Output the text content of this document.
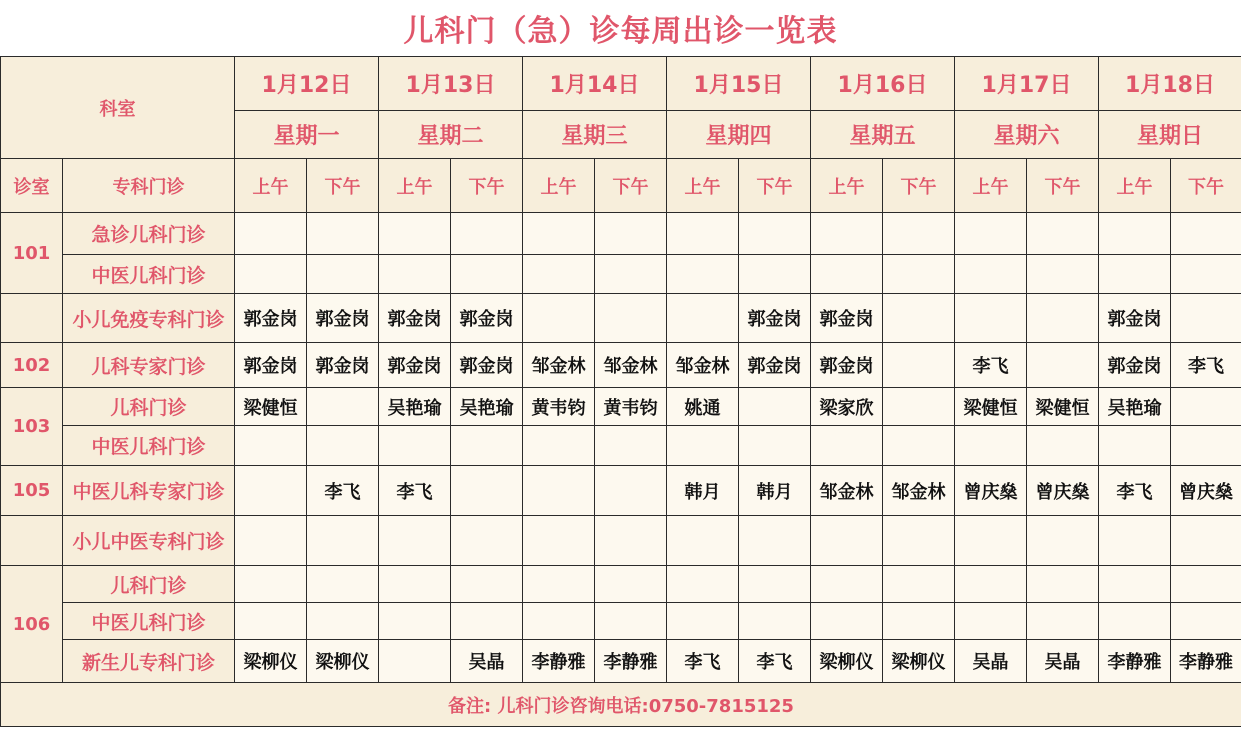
儿科门（急）诊每周出诊一览表
科室		1月12日		1月13日		1月14日		1月15日		1月16日		1月17日		1月18日	
		星期一		星期二		星期三		星期四		星期五		星期六		星期日	
诊室	专科门诊	上午	下午	上午	下午	上午	下午	上午	下午	上午	下午	上午	下午	上午	下午
101	急诊儿科门诊														
	中医儿科门诊														
	小儿免疫专科门诊	郭金岗	郭金岗	郭金岗	郭金岗				郭金岗	郭金岗				郭金岗	
102	儿科专家门诊	郭金岗	郭金岗	郭金岗	郭金岗	邹金林	邹金林	邹金林	郭金岗	郭金岗		李飞		郭金岗	李飞
103	儿科门诊	梁健恒		吴艳瑜	吴艳瑜	黄韦钧	黄韦钧	姚通		梁家欣		梁健恒	梁健恒	吴艳瑜	
	中医儿科门诊														
105	中医儿科专家门诊		李飞	李飞				韩月	韩月	邹金林	邹金林	曾庆燊	曾庆燊	李飞	曾庆燊
	小儿中医专科门诊														
106	儿科门诊														
	中医儿科门诊														
	新生儿专科门诊	梁柳仪	梁柳仪		吴晶	李静雅	李静雅	李飞	李飞	梁柳仪	梁柳仪	吴晶	吴晶	李静雅	李静雅
备注: 儿科门诊咨询电话:0750-7815125															
